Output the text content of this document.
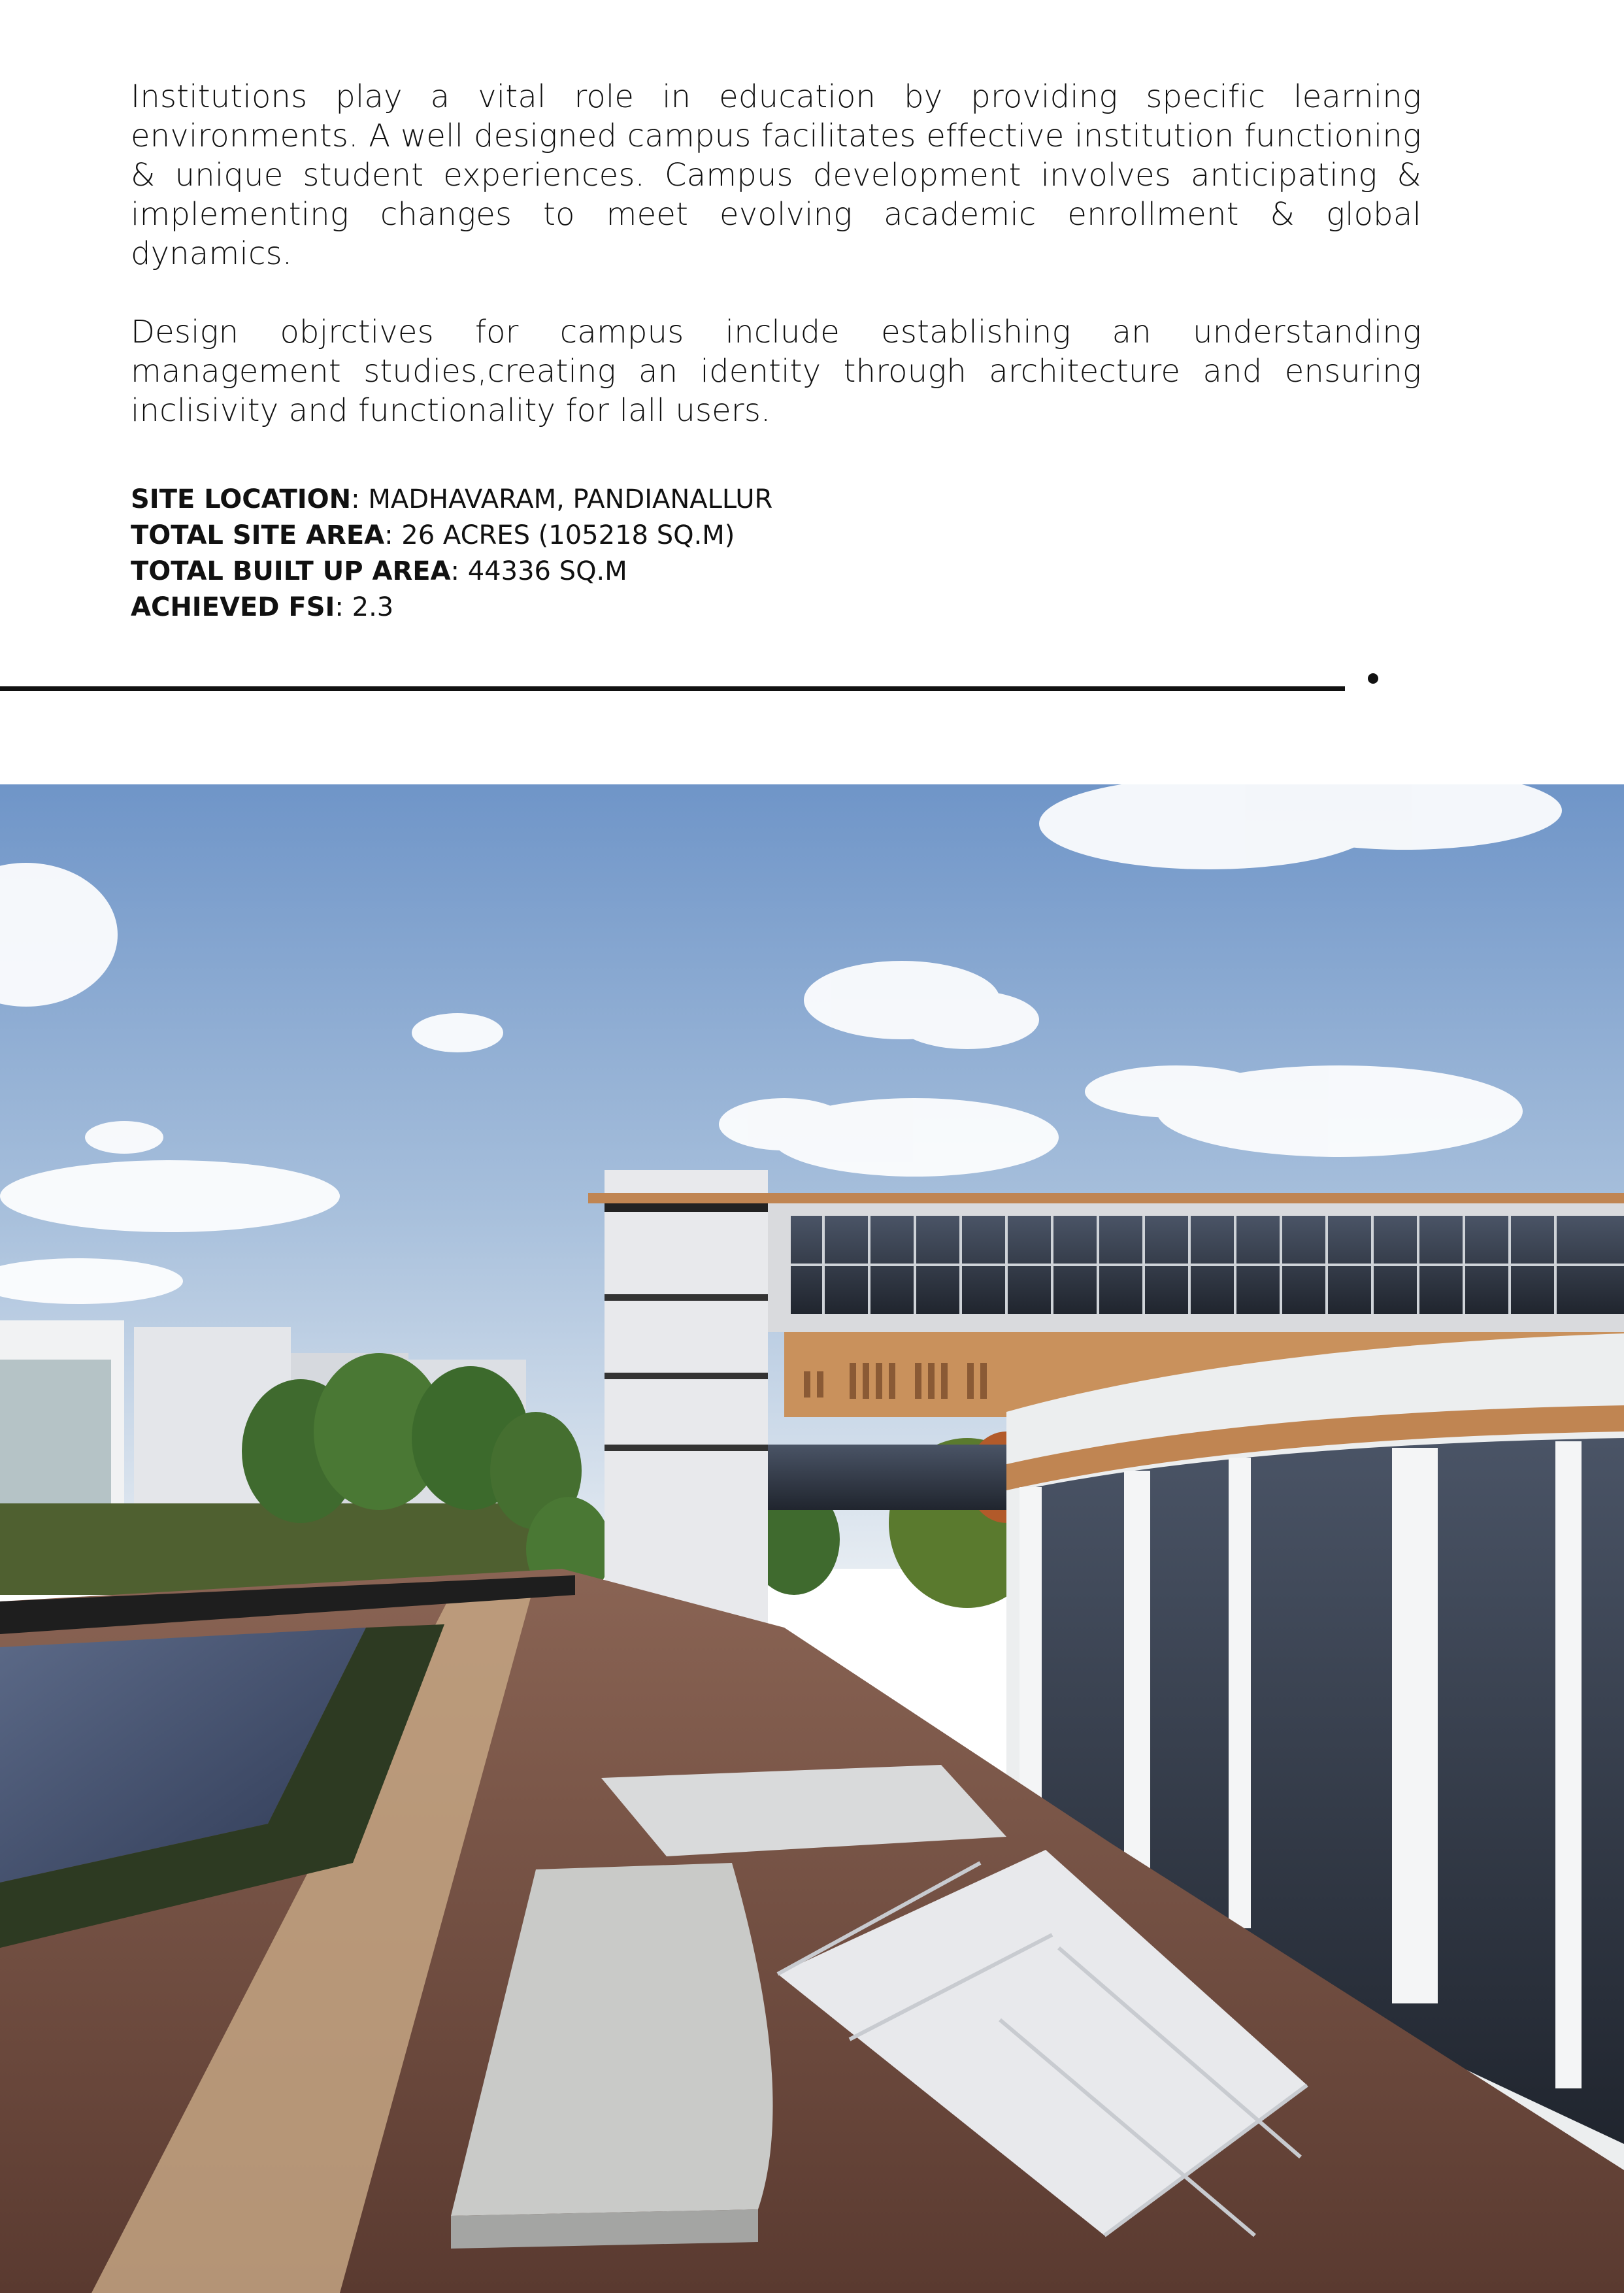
Institutions play a vital role in education by providing specific learning environments. A well designed campus facilitates effective institution functioning & unique student experiences. Campus development involves anticipating & implementing changes to meet evolving academic enrollment & global dynamics.

Design objrctives for campus include establishing an understanding management studies,creating an identity through architecture and ensuring inclisivity and functionality for lall users.

SITE LOCATION: MADHAVARAM, PANDIANALLUR
TOTAL SITE AREA: 26 ACRES (105218 SQ.M)
TOTAL BUILT UP AREA: 44336 SQ.M
ACHIEVED FSI: 2.3
